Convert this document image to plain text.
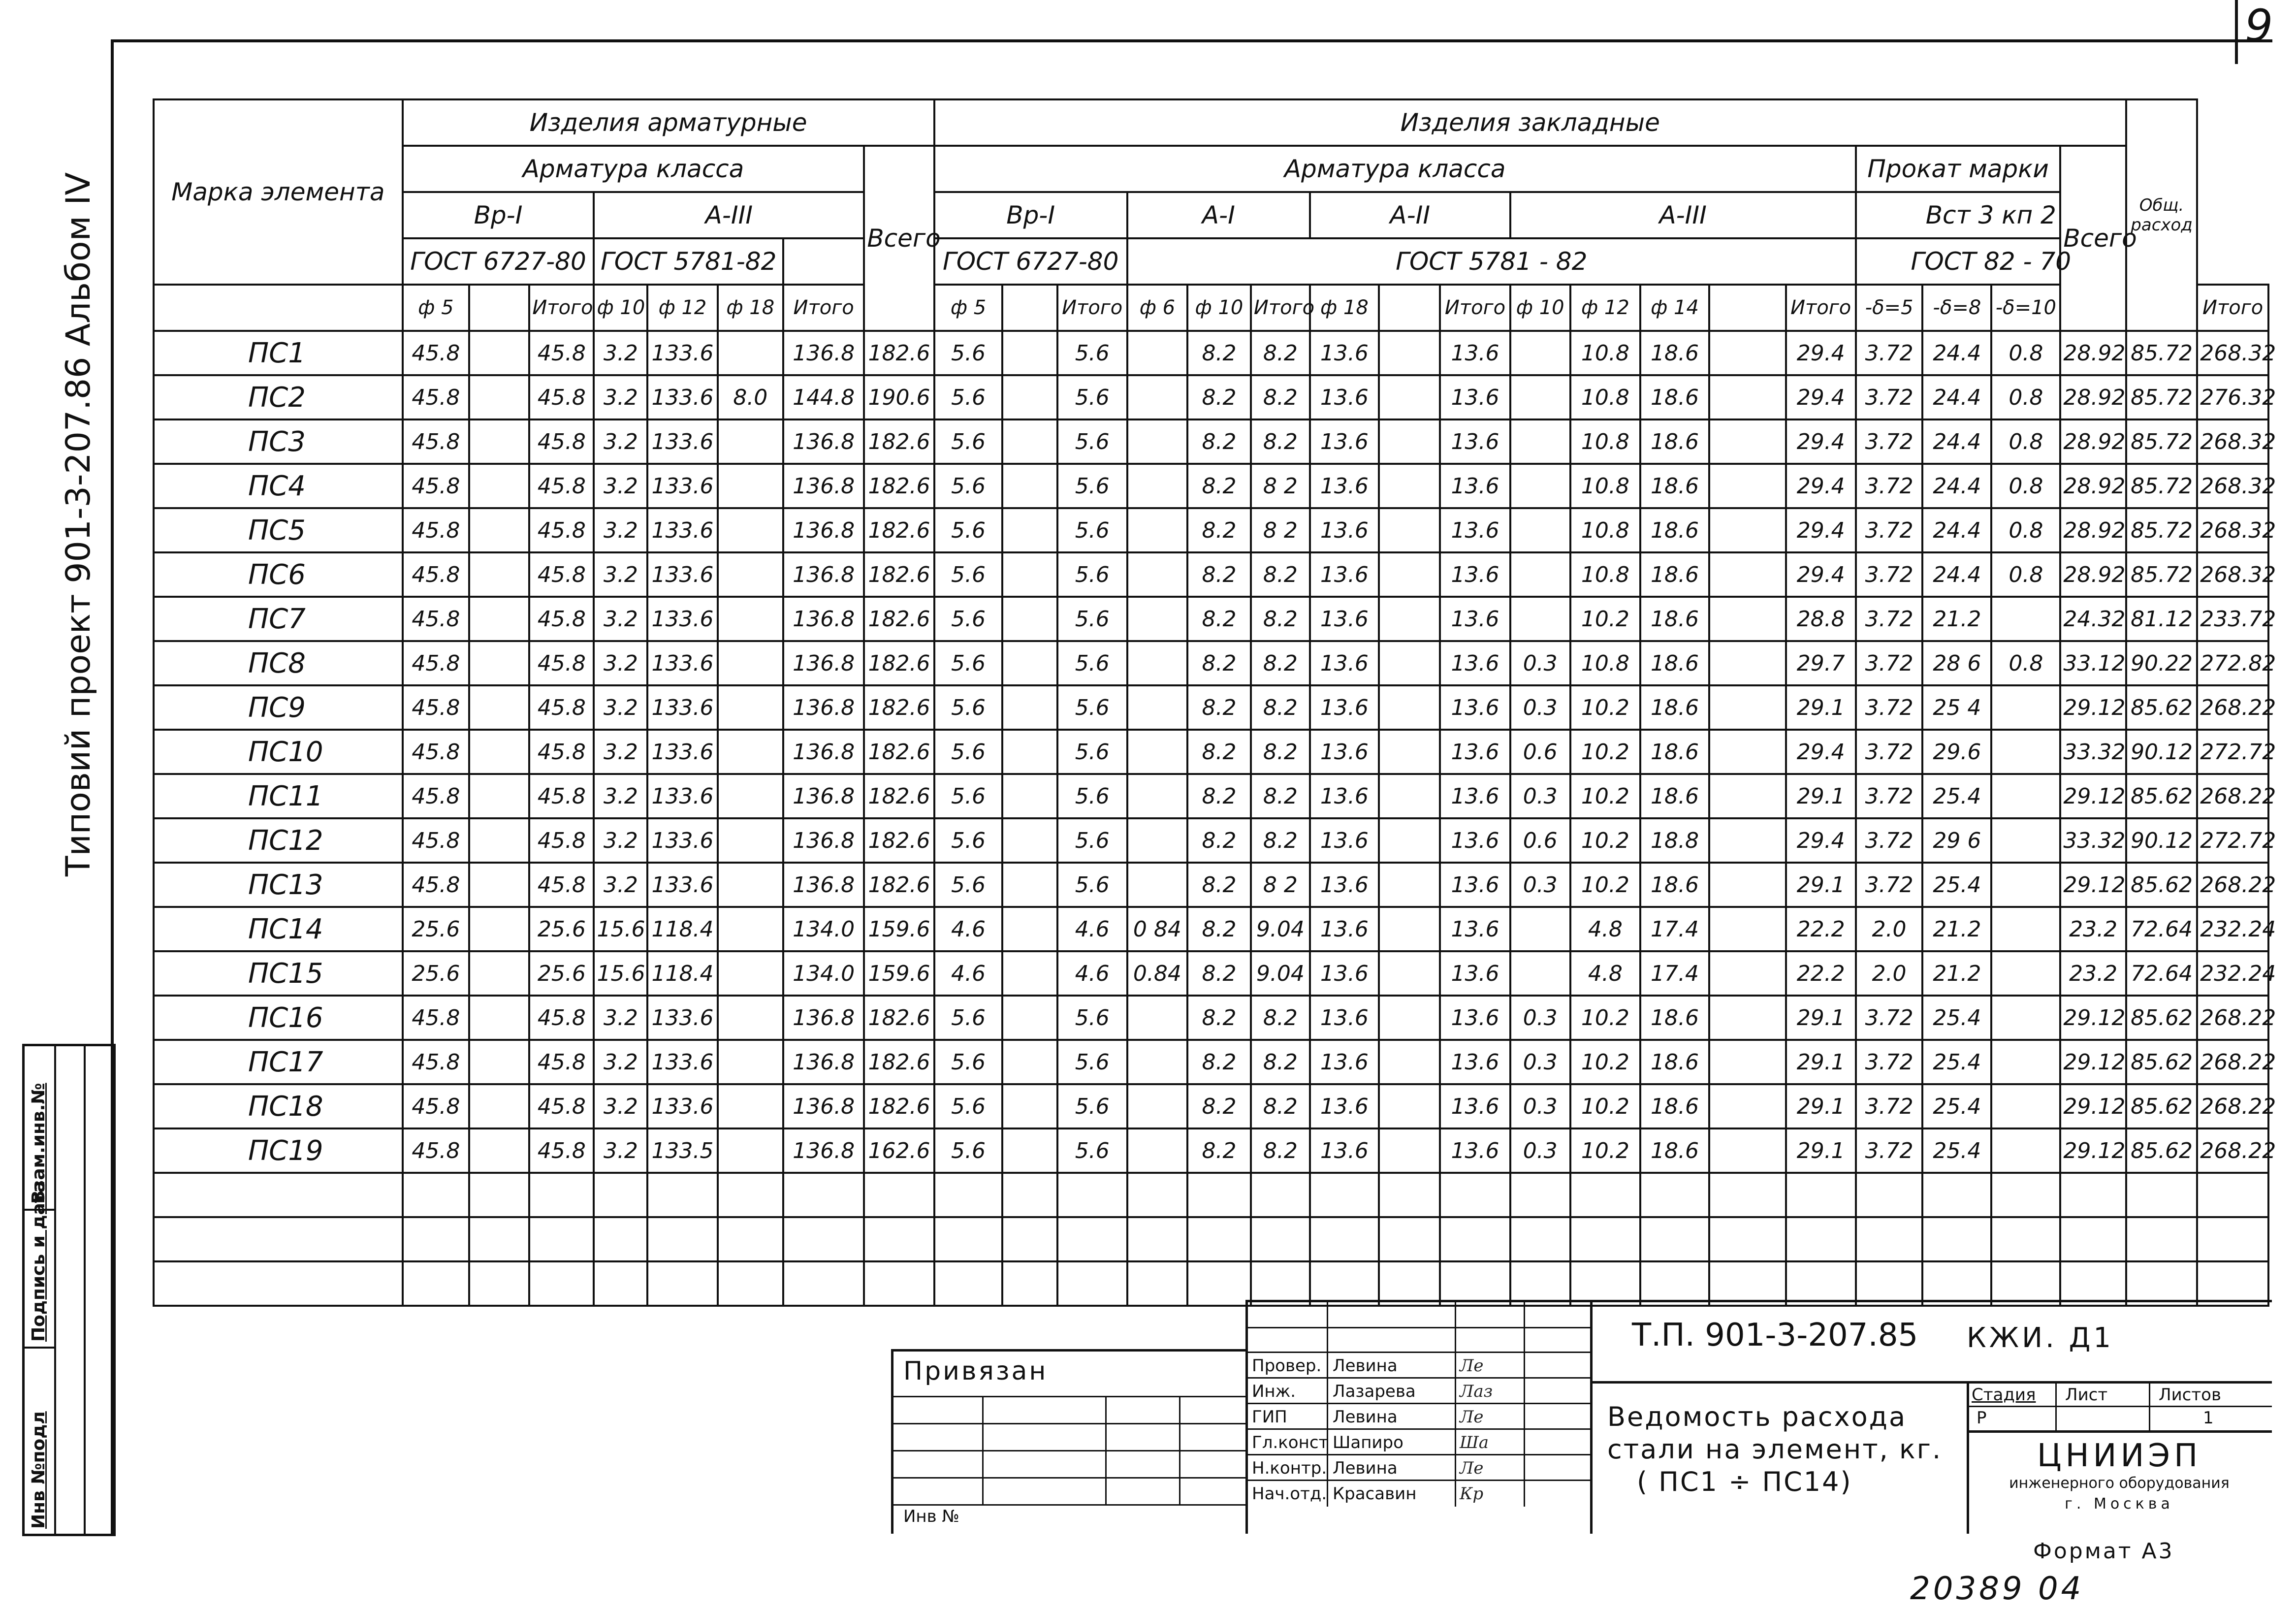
9
Типовий проект 901-3-207.86 Альбом IV
Инв №подл
Подпись и дата
Взам.инв.№
Марка элемента	Изделия арматурные								Изделия закладные																		Общ. расход	
	Арматура класса							Всего	Арматура класса														Прокат марки			Всего		
	Вр-I			А-III					Вр-I			А-I			А-II			А-III					Вст 3 кп 2					
	ГОСТ 6727-80			ГОСТ 5781-82					ГОСТ 6727-80			ГОСТ 5781 - 82											ГОСТ 82 - 70					
	ф 5		Итого	ф 10	ф 12	ф 18	Итого		ф 5		Итого	ф 6	ф 10	Итого	ф 18		Итого	ф 10	ф 12	ф 14		Итого	-δ=5	-δ=8	-δ=10			Итого
ПС1	45.8		45.8	3.2	133.6		136.8	182.6	5.6		5.6		8.2	8.2	13.6		13.6		10.8	18.6		29.4	3.72	24.4	0.8	28.92	85.72	268.32
ПС2	45.8		45.8	3.2	133.6	8.0	144.8	190.6	5.6		5.6		8.2	8.2	13.6		13.6		10.8	18.6		29.4	3.72	24.4	0.8	28.92	85.72	276.32
ПС3	45.8		45.8	3.2	133.6		136.8	182.6	5.6		5.6		8.2	8.2	13.6		13.6		10.8	18.6		29.4	3.72	24.4	0.8	28.92	85.72	268.32
ПС4	45.8		45.8	3.2	133.6		136.8	182.6	5.6		5.6		8.2	8 2	13.6		13.6		10.8	18.6		29.4	3.72	24.4	0.8	28.92	85.72	268.32
ПС5	45.8		45.8	3.2	133.6		136.8	182.6	5.6		5.6		8.2	8 2	13.6		13.6		10.8	18.6		29.4	3.72	24.4	0.8	28.92	85.72	268.32
ПС6	45.8		45.8	3.2	133.6		136.8	182.6	5.6		5.6		8.2	8.2	13.6		13.6		10.8	18.6		29.4	3.72	24.4	0.8	28.92	85.72	268.32
ПС7	45.8		45.8	3.2	133.6		136.8	182.6	5.6		5.6		8.2	8.2	13.6		13.6		10.2	18.6		28.8	3.72	21.2		24.32	81.12	233.72
ПС8	45.8		45.8	3.2	133.6		136.8	182.6	5.6		5.6		8.2	8.2	13.6		13.6	0.3	10.8	18.6		29.7	3.72	28 6	0.8	33.12	90.22	272.82
ПС9	45.8		45.8	3.2	133.6		136.8	182.6	5.6		5.6		8.2	8.2	13.6		13.6	0.3	10.2	18.6		29.1	3.72	25 4		29.12	85.62	268.22
ПС10	45.8		45.8	3.2	133.6		136.8	182.6	5.6		5.6		8.2	8.2	13.6		13.6	0.6	10.2	18.6		29.4	3.72	29.6		33.32	90.12	272.72
ПС11	45.8		45.8	3.2	133.6		136.8	182.6	5.6		5.6		8.2	8.2	13.6		13.6	0.3	10.2	18.6		29.1	3.72	25.4		29.12	85.62	268.22
ПС12	45.8		45.8	3.2	133.6		136.8	182.6	5.6		5.6		8.2	8.2	13.6		13.6	0.6	10.2	18.8		29.4	3.72	29 6		33.32	90.12	272.72
ПС13	45.8		45.8	3.2	133.6		136.8	182.6	5.6		5.6		8.2	8 2	13.6		13.6	0.3	10.2	18.6		29.1	3.72	25.4		29.12	85.62	268.22
ПС14	25.6		25.6	15.6	118.4		134.0	159.6	4.6		4.6	0 84	8.2	9.04	13.6		13.6		4.8	17.4		22.2	2.0	21.2		23.2	72.64	232.24
ПС15	25.6		25.6	15.6	118.4		134.0	159.6	4.6		4.6	0.84	8.2	9.04	13.6		13.6		4.8	17.4		22.2	2.0	21.2		23.2	72.64	232.24
ПС16	45.8		45.8	3.2	133.6		136.8	182.6	5.6		5.6		8.2	8.2	13.6		13.6	0.3	10.2	18.6		29.1	3.72	25.4		29.12	85.62	268.22
ПС17	45.8		45.8	3.2	133.6		136.8	182.6	5.6		5.6		8.2	8.2	13.6		13.6	0.3	10.2	18.6		29.1	3.72	25.4		29.12	85.62	268.22
ПС18	45.8		45.8	3.2	133.6		136.8	182.6	5.6		5.6		8.2	8.2	13.6		13.6	0.3	10.2	18.6		29.1	3.72	25.4		29.12	85.62	268.22
ПС19	45.8		45.8	3.2	133.5		136.8	162.6	5.6		5.6		8.2	8.2	13.6		13.6	0.3	10.2	18.6		29.1	3.72	25.4		29.12	85.62	268.22

Привязан
Инв №
Провер. Левина	Ле
Инж.	Лазарева	Лаз
ГИП	Левина	Ле
Гл.конст Шапиро	Ша
Н.контр. Левина	Ле
Нач.отд. Красавин	Кр
Т.П. 901-3-207.85 КЖИ. Д1
Ведомость расхода
стали на элемент, кг.
( ПС1 ÷ ПС14)
Стадия Лист	Листов
Р	1
ЦНИИЭП
инженерного оборудования
г. Москва
Формат А3
20389 04
